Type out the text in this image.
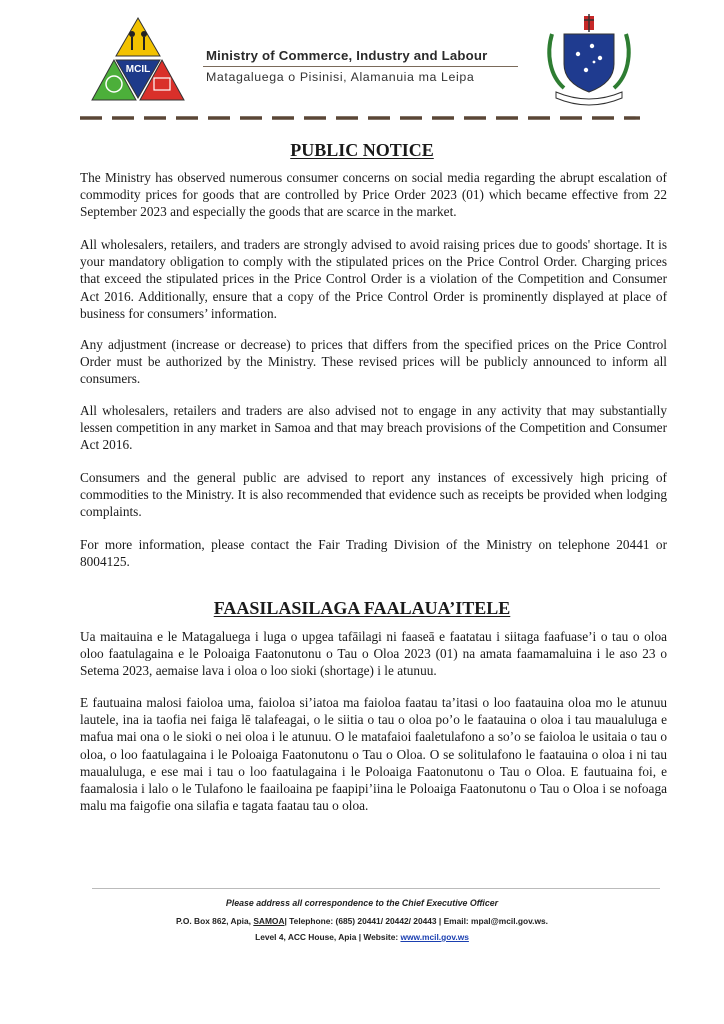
MCIL
Ministry of Commerce, Industry and Labour
Matagaluega o Pisinisi, Alamanuia ma Leipa
PUBLIC NOTICE

The Ministry has observed numerous consumer concerns on social media regarding the abrupt escalation of commodity prices for goods that are controlled by Price Order 2023 (01) which became effective from 22 September 2023 and especially the goods that are scarce in the market.

All wholesalers, retailers, and traders are strongly advised to avoid raising prices due to goods' shortage. It is your mandatory obligation to comply with the stipulated prices on the Price Control Order. Charging prices that exceed the stipulated prices in the Price Control Order is a violation of the Competition and Consumer Act 2016. Additionally, ensure that a copy of the Price Control Order is prominently displayed at place of business for consumers’ information.

Any adjustment (increase or decrease) to prices that differs from the specified prices on the Price Control Order must be authorized by the Ministry. These revised prices will be publicly announced to inform all consumers.

All wholesalers, retailers and traders are also advised not to engage in any activity that may substantially lessen competition in any market in Samoa and that may breach provisions of the Competition and Consumer Act 2016.

Consumers and the general public are advised to report any instances of excessively high pricing of commodities to the Ministry. It is also recommended that evidence such as receipts be provided when lodging complaints.

For more information, please contact the Fair Trading Division of the Ministry on telephone 20441 or 8004125.

FAASILASILAGA FAALAUA’ITELE

Ua maitauina e le Matagaluega i luga o upgea tafāilagi ni faaseā e faatatau i siitaga faafuase’i o tau o oloa oloo faatulagaina e le Poloaiga Faatonutonu o Tau o Oloa 2023 (01) na amata faamamaluina i le aso 23 o Setema 2023, aemaise lava i oloa o loo sioki (shortage) i le atunuu.

E fautuaina malosi faioloa uma, faioloa si’iatoa ma faioloa faatau ta’itasi o loo faatauina oloa mo le atunuu lautele, ina ia taofia nei faiga lē talafeagai, o le siitia o tau o oloa po’o le faatauina o oloa i tau maualuluga e mafua mai ona o le sioki o nei oloa i le atunuu. O le matafaioi faaletulafono a so’o se faioloa le usitaia o tau o oloa, o loo faatulagaina i le Poloaiga Faatonutonu o Tau o Oloa. O se solitulafono le faatauina o oloa i ni tau maualuluga, e ese mai i tau o loo faatulagaina i le Poloaiga Faatonutonu o Tau o Oloa. E fautuaina foi, e faamalosia i lalo o le Tulafono le faailoaina pe faapipi’iina le Poloaiga Faatonutonu o Tau o Oloa i se nofoaga malu ma faigofie ona silafia e tagata faatau tau o oloa.

Please address all correspondence to the Chief Executive Officer
P.O. Box 862, Apia, SAMOA| Telephone: (685) 20441/ 20442/ 20443 | Email: mpal@mcil.gov.ws.
Level 4, ACC House, Apia | Website: www.mcil.gov.ws
